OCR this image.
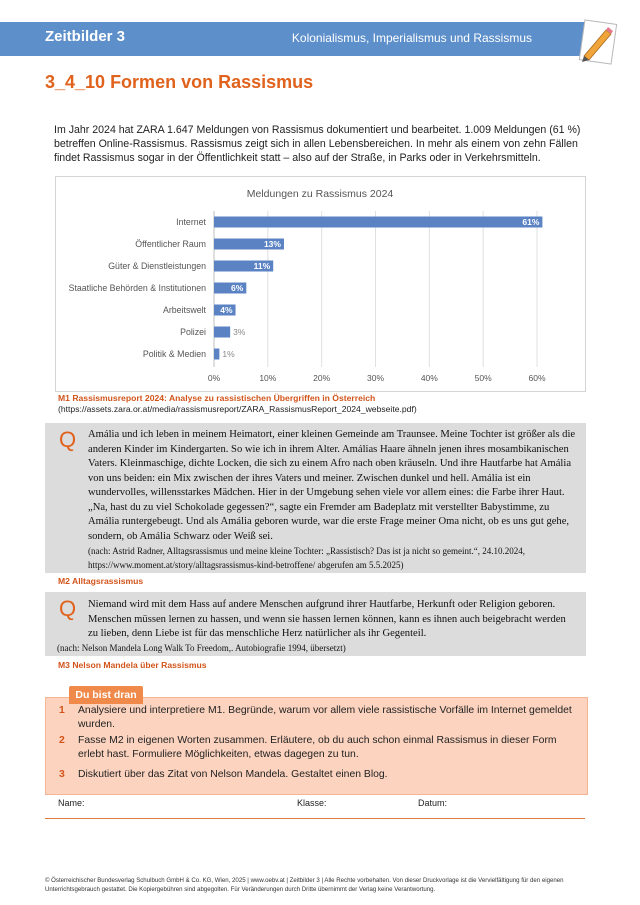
Zeitbilder 3	Kolonialismus, Imperialismus und Rassismus
3_4_10 Formen von Rassismus
Im Jahr 2024 hat ZARA 1.647 Meldungen von Rassismus dokumentiert und bearbeitet. 1.009 Meldungen (61 %) betreffen Online-Rassismus. Rassismus zeigt sich in allen Lebensbereichen. In mehr als einem von zehn Fällen findet Rassismus sogar in der Öffentlichkeit statt – also auf der Straße, in Parks oder in Verkehrsmitteln.
Meldungen zu Rassismus 2024
0%	10%	20%	30%	40%	50%	60%
Internet	61%
Öffentlicher Raum	13%
Güter & Dienstleistungen	11%
Staatliche Behörden & Institutionen	6%
Arbeitswelt 4%
Polizei	3%
Politik & Medien 1%
M1 Rassismusreport 2024: Analyse zu rassistischen Übergriffen in Österreich
(https://assets.zara.or.at/media/rassismusreport/ZARA_RassismusReport_2024_webseite.pdf)
Q Amália und ich leben in meinem Heimatort, einer kleinen Gemeinde am Traunsee. Meine Tochter ist größer als die anderen Kinder im Kindergarten. So wie ich in ihrem Alter. Amálias Haare ähneln jenen ihres mosambikanischen Vaters. Kleinmaschige, dichte Locken, die sich zu einem Afro nach oben kräuseln. Und ihre Hautfarbe hat Amália von uns beiden: ein Mix zwischen der ihres Vaters und meiner. Zwischen dunkel und hell. Amália ist ein wundervolles, willensstarkes Mädchen. Hier in der Umgebung sehen viele vor allem eines: die Farbe ihrer Haut. „Na, hast du zu viel Schokolade gegessen?“, sagte ein Fremder am Badeplatz mit verstellter Babystimme, zu Amália runtergebeugt. Und als Amália geboren wurde, war die erste Frage meiner Oma nicht, ob es uns gut gehe, sondern, ob Amália Schwarz oder Weiß sei.
(nach: Astrid Radner, Alltagsrassismus und meine kleine Tochter: „Rassistisch? Das ist ja nicht so gemeint.“, 24.10.2024, https://www.moment.at/story/alltagsrassismus-kind-betroffene/ abgerufen am 5.5.2025)
M2 Alltagsrassismus
Q Niemand wird mit dem Hass auf andere Menschen aufgrund ihrer Hautfarbe, Herkunft oder Religion geboren. Menschen müssen lernen zu hassen, und wenn sie hassen lernen können, kann es ihnen auch beigebracht werden zu lieben, denn Liebe ist für das menschliche Herz natürlicher als ihr Gegenteil.
(nach: Nelson Mandela Long Walk To Freedom,. Autobiografie 1994, übersetzt)
M3 Nelson Mandela über Rassismus
Du bist dran
1 Analysiere und interpretiere M1. Begründe, warum vor allem viele rassistische Vorfälle im Internet gemeldet wurden.
2 Fasse M2 in eigenen Worten zusammen. Erläutere, ob du auch schon einmal Rassismus in dieser Form erlebt hast. Formuliere Möglichkeiten, etwas dagegen zu tun.
3 Diskutiert über das Zitat von Nelson Mandela. Gestaltet einen Blog.
Name:	Klasse:	Datum:
© Österreichischer Bundesverlag Schulbuch GmbH & Co. KG, Wien, 2025 | www.oebv.at | Zeitbilder 3 | Alle Rechte vorbehalten. Von dieser Druckvorlage ist die Vervielfältigung für den eigenen Unterrichtsgebrauch gestattet. Die Kopiergebühren sind abgegolten. Für Veränderungen durch Dritte übernimmt der Verlag keine Verantwortung.
